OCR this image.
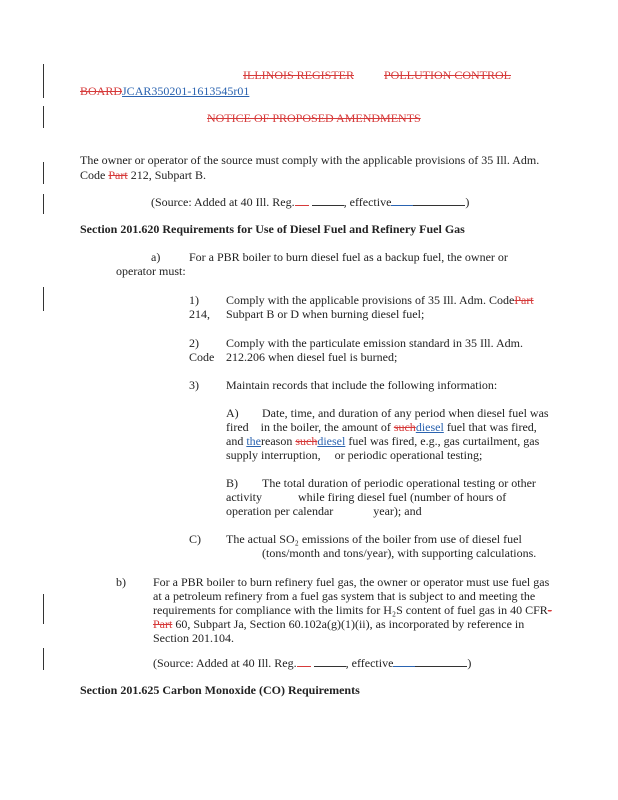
ILLINOIS REGISTER	POLLUTION CONTROL
BOARDJCAR350201-1613545r01
NOTICE OF PROPOSED AMENDMENTS
The owner or operator of the source must comply with the applicable provisions of 35 Ill. Adm.
Code Part 212, Subpart B.
(Source: Added at 40 Ill. Reg.	, effective	)
Section 201.620 Requirements for Use of Diesel Fuel and Refinery Fuel Gas
a) For a PBR boiler to burn diesel fuel as a backup fuel, the owner or
operator must:
1) Comply with the applicable provisions of 35 Ill. Adm. CodePart
214, Subpart B or D when burning diesel fuel;
2) Comply with the particulate emission standard in 35 Ill. Adm.
Code 212.206 when diesel fuel is burned;
3) Maintain records that include the following information:
A) Date, time, and duration of any period when diesel fuel was
fired in the boiler, the amount of suchdiesel fuel that was fired,
and thereason suchdiesel fuel was fired, e.g., gas curtailment, gas
supply interruption, or periodic operational testing;
B) The total duration of periodic operational testing or other
activity	while firing diesel fuel (number of hours of
operation per calendar	year); and
C) The actual SO₂ emissions of the boiler from use of diesel fuel
(tons/month and tons/year), with supporting calculations.
b) For a PBR boiler to burn refinery fuel gas, the owner or operator must use fuel gas
at a petroleum refinery from a fuel gas system that is subject to and meeting the
requirements for compliance with the limits for H₂S content of fuel gas in 40 CFR-
Part 60, Subpart Ja, Section 60.102a(g)(1)(ii), as incorporated by reference in
Section 201.104.
(Source: Added at 40 Ill. Reg.	, effective	)
Section 201.625 Carbon Monoxide (CO) Requirements
